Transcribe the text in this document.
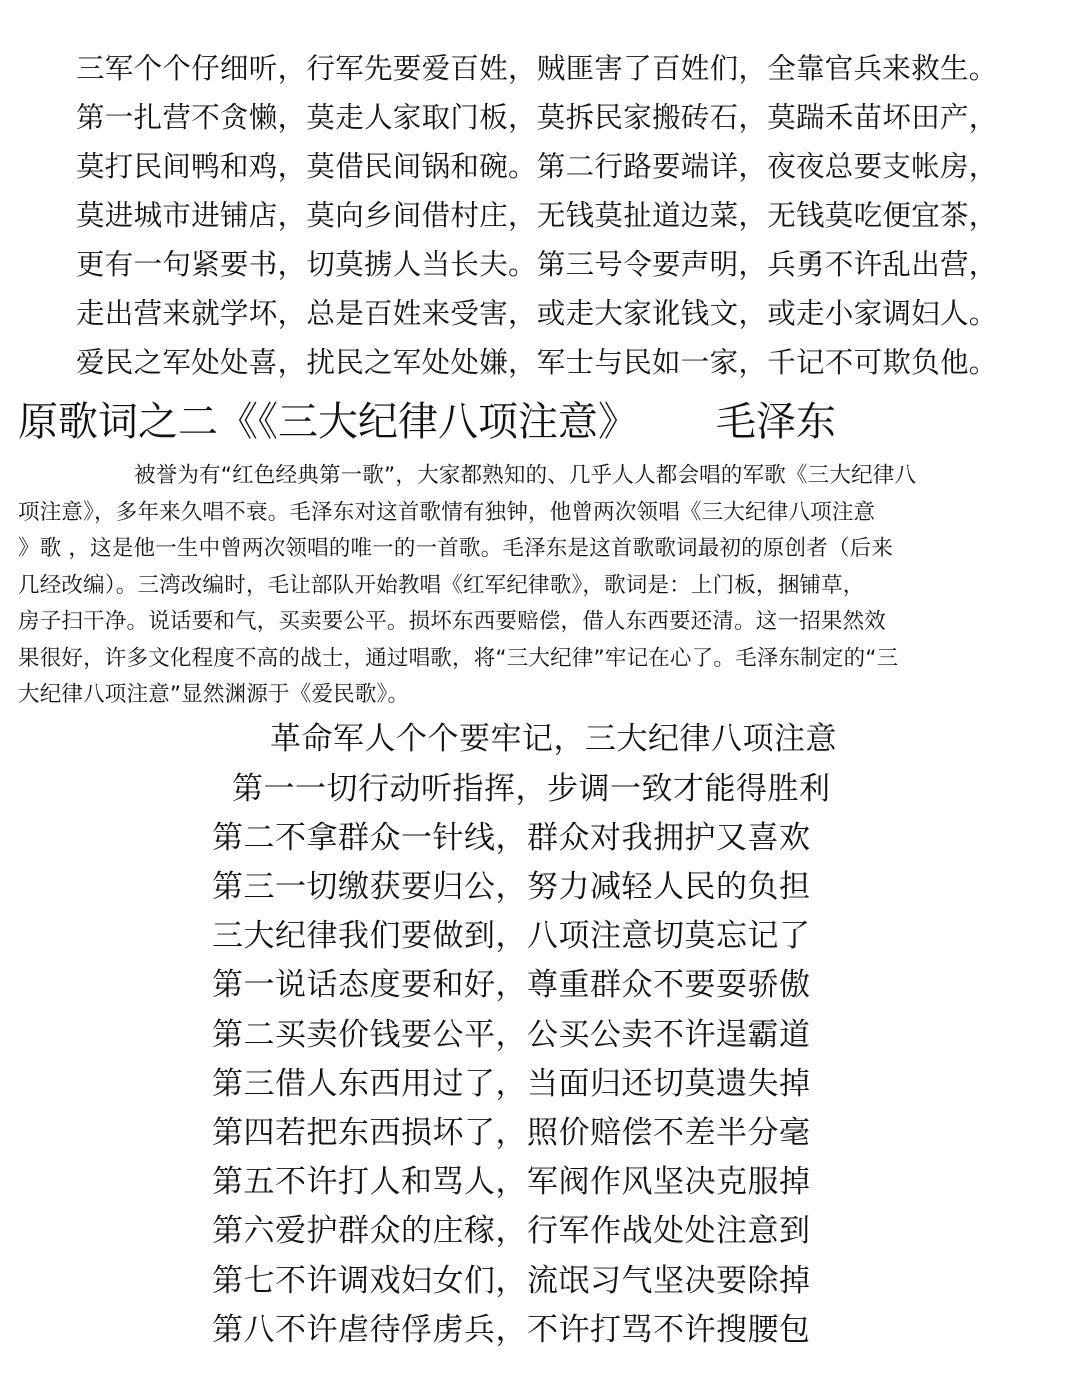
三军个个仔细听，行军先要爱百姓，贼匪害了百姓们，全靠官兵来救生。
第一扎营不贪懒，莫走人家取门板，莫拆民家搬砖石，莫踹禾苗坏田产，
莫打民间鸭和鸡，莫借民间锅和碗。第二行路要端详，夜夜总要支帐房，
莫进城市进铺店，莫向乡间借村庄，无钱莫扯道边菜，无钱莫吃便宜茶，
更有一句紧要书，切莫掳人当长夫。第三号令要声明，兵勇不许乱出营，
走出营来就学坏，总是百姓来受害，或走大家讹钱文，或走小家调妇人。
爱民之军处处喜，扰民之军处处嫌，军士与民如一家，千记不可欺负他。
原歌词之二《《三大纪律八项注意》 毛泽东
被誉为有“红色经典第一歌”，大家都熟知的、几乎人人都会唱的军歌《三大纪律八
项注意》，多年来久唱不衰。毛泽东对这首歌情有独钟，他曾两次领唱《三大纪律八项注意
》歌 ，这是他一生中曾两次领唱的唯一的一首歌。毛泽东是这首歌歌词最初的原创者（后来
几经改编）。三湾改编时，毛让部队开始教唱《红军纪律歌》，歌词是：上门板，捆铺草，
房子扫干净。说话要和气，买卖要公平。损坏东西要赔偿，借人东西要还清。这一招果然效
果很好，许多文化程度不高的战士，通过唱歌，将“三大纪律”牢记在心了。毛泽东制定的“三
大纪律八项注意”显然渊源于《爱民歌》。
革命军人个个要牢记，三大纪律八项注意
第一一切行动听指挥，步调一致才能得胜利
第二不拿群众一针线，群众对我拥护又喜欢
第三一切缴获要归公，努力减轻人民的负担
三大纪律我们要做到，八项注意切莫忘记了
第一说话态度要和好，尊重群众不要耍骄傲
第二买卖价钱要公平，公买公卖不许逞霸道
第三借人东西用过了，当面归还切莫遗失掉
第四若把东西损坏了，照价赔偿不差半分毫
第五不许打人和骂人，军阀作风坚决克服掉
第六爱护群众的庄稼，行军作战处处注意到
第七不许调戏妇女们，流氓习气坚决要除掉
第八不许虐待俘虏兵，不许打骂不许搜腰包
